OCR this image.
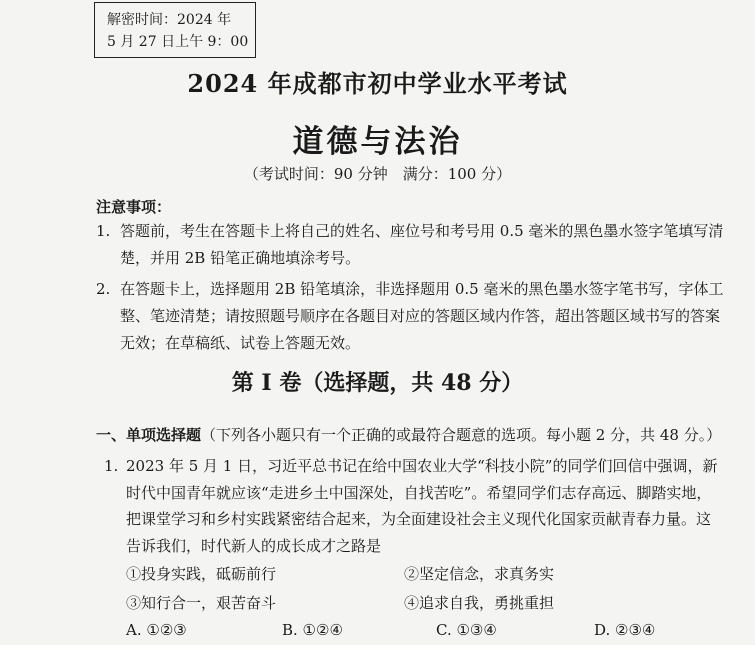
解密时间：2024 年
5 月 27 日上午 9：00
2024 年成都市初中学业水平考试
道德与法治
（考试时间：90 分钟　满分：100 分）
注意事项：
1. 答题前，考生在答题卡上将自己的姓名、座位号和考号用 0.5 毫米的黑色墨水签字笔填写清楚，并用 2B 铅笔正确地填涂考号。
2. 在答题卡上，选择题用 2B 铅笔填涂，非选择题用 0.5 毫米的黑色墨水签字笔书写，字体工整、笔迹清楚；请按照题号顺序在各题目对应的答题区域内作答，超出答题区域书写的答案无效；在草稿纸、试卷上答题无效。
第 I 卷（选择题，共 48 分）
一、单项选择题（下列各小题只有一个正确的或最符合题意的选项。每小题 2 分，共 48 分。）
1. 2023 年 5 月 1 日，习近平总书记在给中国农业大学“科技小院”的同学们回信中强调，新时代中国青年就应该“走进乡土中国深处，自找苦吃”。希望同学们志存高远、脚踏实地，把课堂学习和乡村实践紧密结合起来，为全面建设社会主义现代化国家贡献青春力量。这告诉我们，时代新人的成长成才之路是
①投身实践，砥砺前行	②坚定信念，求真务实
③知行合一，艰苦奋斗	④追求自我，勇挑重担
A. ①②③	B. ①②④	C. ①③④	D. ②③④
